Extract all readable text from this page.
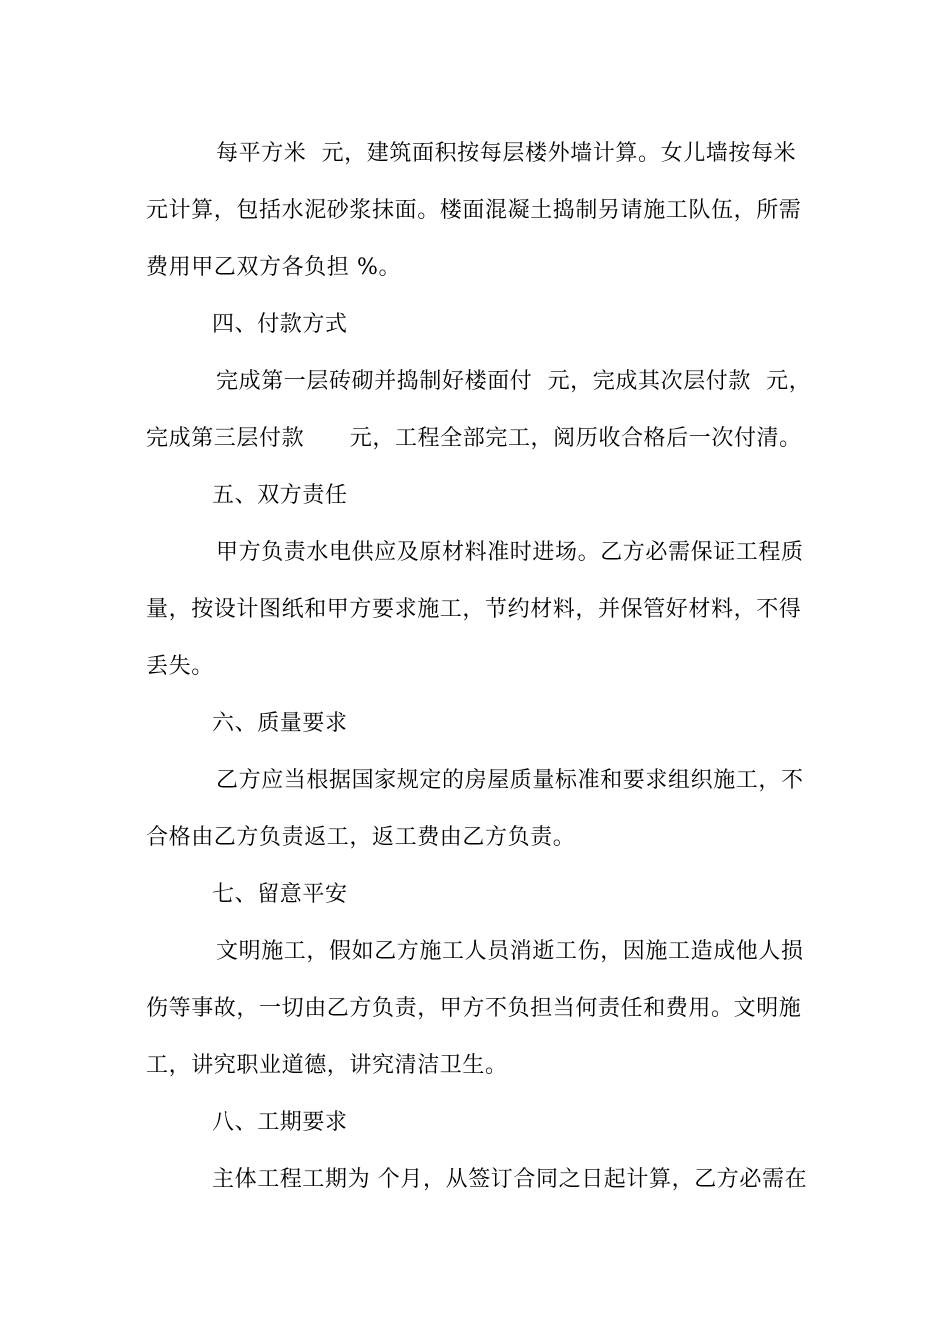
每平方米  元，建筑面积按每层楼外墙计算。女儿墙按每米
元计算，包括水泥砂浆抹面。楼面混凝土捣制另请施工队伍，所需
费用甲乙双方各负担 %。
四、付款方式
完成第一层砖砌并捣制好楼面付  元，完成其次层付款  元，
完成第三层付款      元，工程全部完工，阅历收合格后一次付清。
五、双方责任
甲方负责水电供应及原材料准时进场。乙方必需保证工程质
量，按设计图纸和甲方要求施工，节约材料，并保管好材料，不得
丢失。
六、质量要求
乙方应当根据国家规定的房屋质量标准和要求组织施工，不
合格由乙方负责返工，返工费由乙方负责。
七、留意平安
文明施工，假如乙方施工人员消逝工伤，因施工造成他人损
伤等事故，一切由乙方负责，甲方不负担当何责任和费用。文明施
工，讲究职业道德，讲究清洁卫生。
八、工期要求
主体工程工期为 个月，从签订合同之日起计算，乙方必需在
